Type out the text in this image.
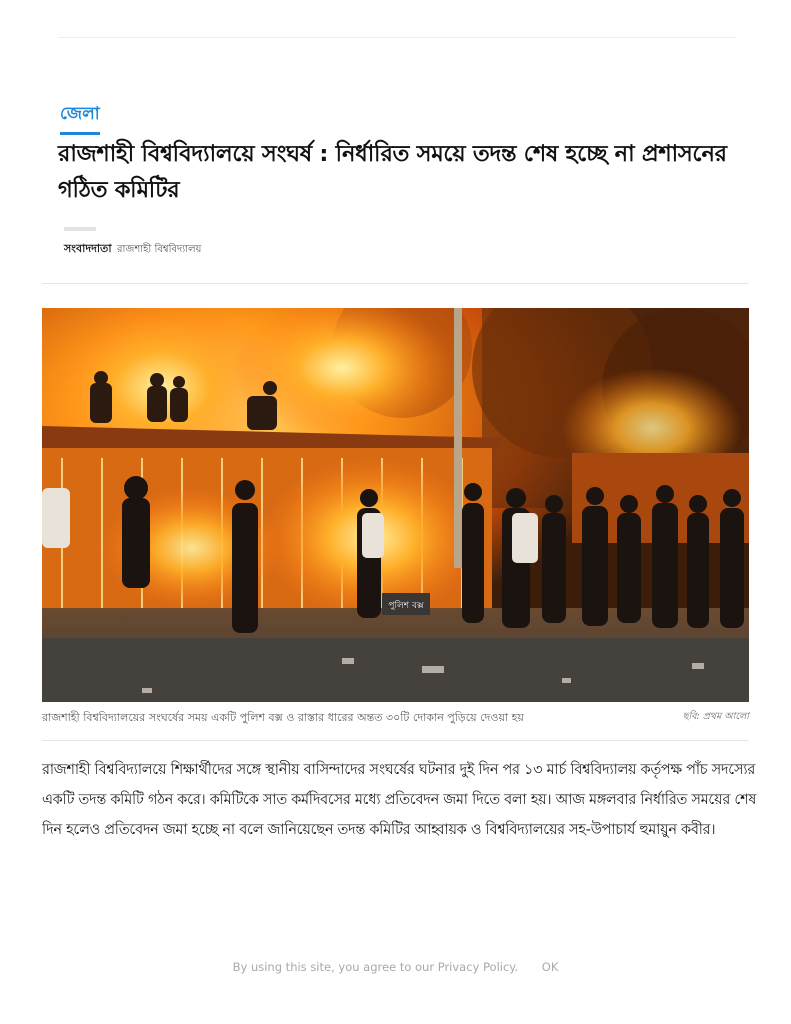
জেলা
রাজশাহী বিশ্ববিদ্যালয়ে সংঘর্ষ : নির্ধারিত সময়ে তদন্ত শেষ হচ্ছে না প্রশাসনের গঠিত কমিটির
সংবাদদাতা রাজশাহী বিশ্ববিদ্যালয়
পুলিশ বক্স
রাজশাহী বিশ্ববিদ্যালয়ের সংঘর্ষের সময় একটি পুলিশ বক্স ও রাস্তার ধারের অন্তত ৩০টি দোকান পুড়িয়ে দেওয়া হয়	ছবি: প্রথম আলো

রাজশাহী বিশ্ববিদ্যালয়ে শিক্ষার্থীদের সঙ্গে স্থানীয় বাসিন্দাদের সংঘর্ষের ঘটনার দুই দিন পর ১৩ মার্চ বিশ্ববিদ্যালয় কর্তৃপক্ষ পাঁচ সদস্যের একটি তদন্ত কমিটি গঠন করে। কমিটিকে সাত কর্মদিবসের মধ্যে প্রতিবেদন জমা দিতে বলা হয়। আজ মঙ্গলবার নির্ধারিত সময়ের শেষ দিন হলেও প্রতিবেদন জমা হচ্ছে না বলে জানিয়েছেন তদন্ত কমিটির আহ্বায়ক ও বিশ্ববিদ্যালয়ের সহ-উপাচার্য হুমায়ুন কবীর।

By using this site, you agree to our Privacy Policy. OK
